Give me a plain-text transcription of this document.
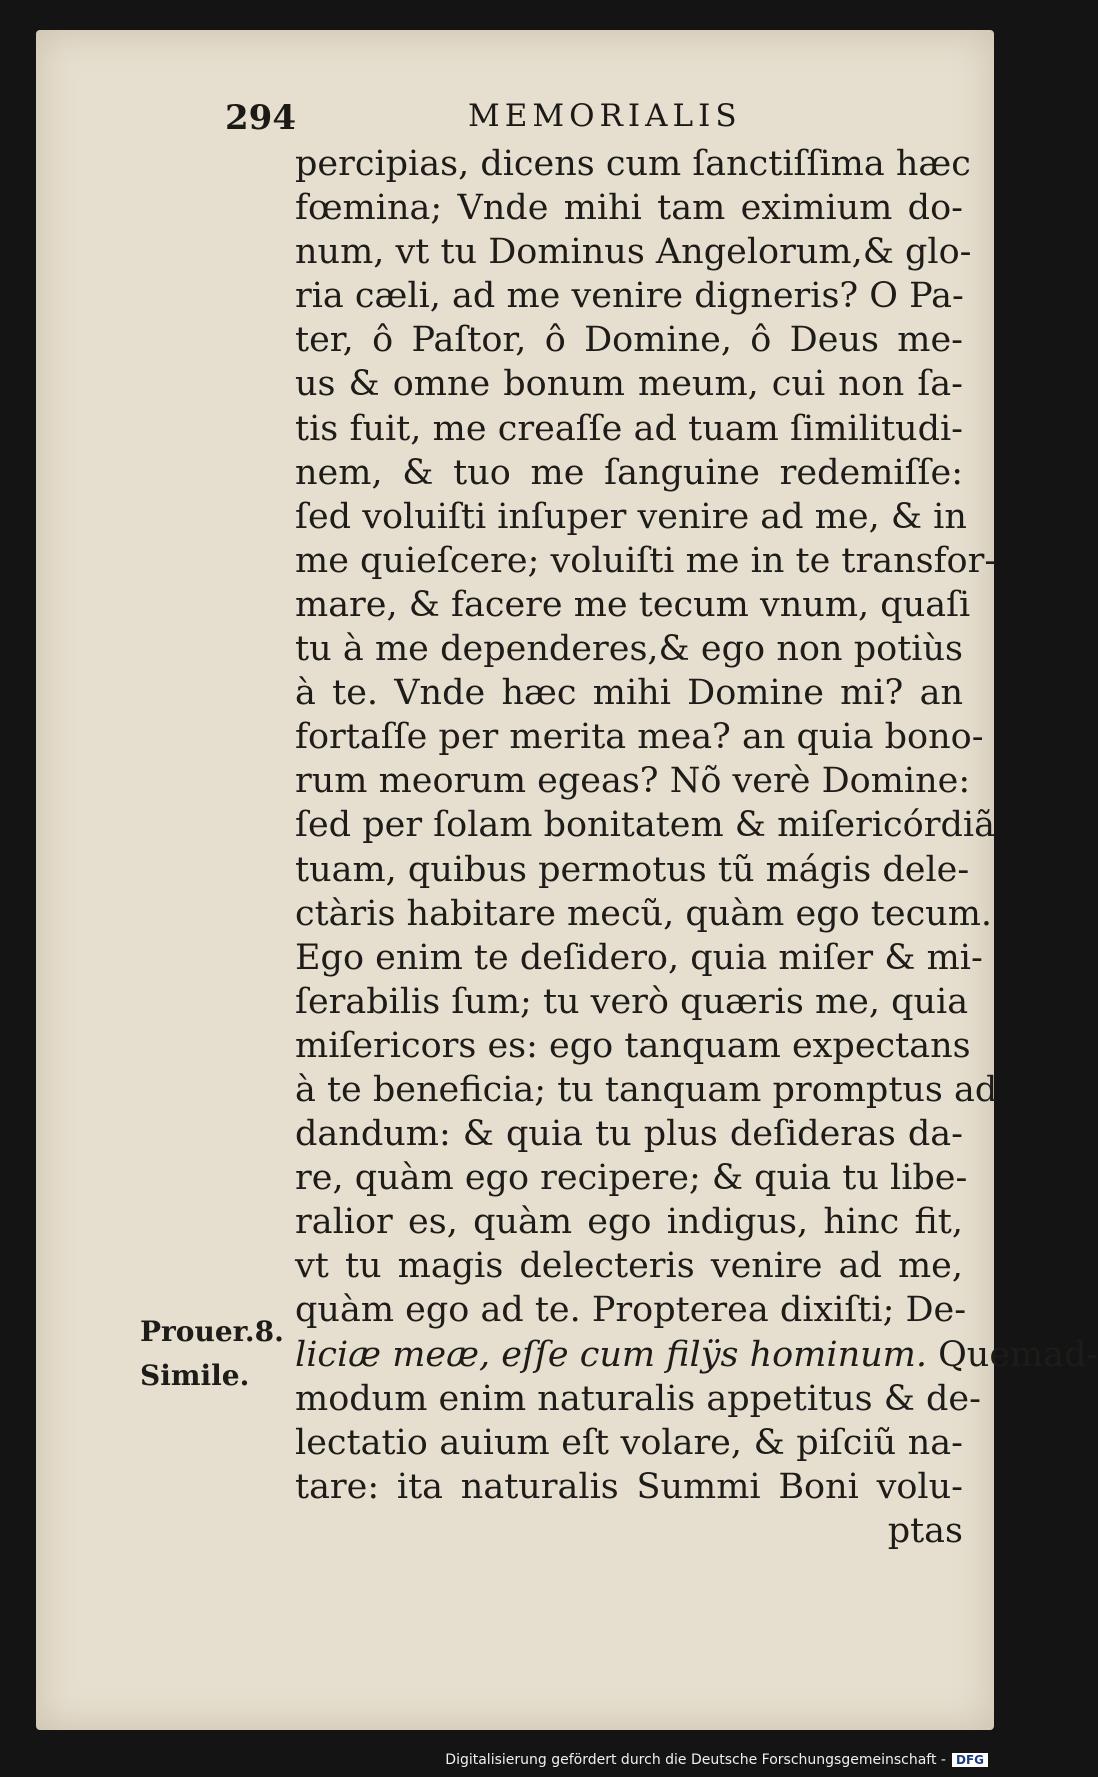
294	MEMORIALIS
percipias, dicens cum ſanctiſſima hæc
fœmina; Vnde mihi tam eximium do-
num, vt tu Dominus Angelorum,& glo-
ria cæli, ad me venire digneris? O Pa-
ter, ô Paſtor, ô Domine, ô Deus me-
us & omne bonum meum, cui non ſa-
tis fuit, me creaſſe ad tuam ſimilitudi-
nem, & tuo me ſanguine redemiſſe:
ſed voluiſti inſuper venire ad me, & in
me quieſcere; voluiſti me in te transfor-
mare, & facere me tecum vnum, quaſi
tu à me dependeres,& ego non potiùs
à te. Vnde hæc mihi Domine mi? an
fortaſſe per merita mea? an quia bono-
rum meorum egeas? Nõ verè Domine:
ſed per ſolam bonitatem & miſericórdiã
tuam, quibus permotus tũ mágis dele-
ctàris habitare mecũ, quàm ego tecum.
Ego enim te deſidero, quia miſer & mi-
ſerabilis ſum; tu verò quæris me, quia
miſericors es: ego tanquam expectans
à te beneficia; tu tanquam promptus ad
dandum: & quia tu plus deſideras da-
re, quàm ego recipere; & quia tu libe-
ralior es, quàm ego indigus, hinc fit,
vt tu magis delecteris venire ad me,
quàm ego ad te. Propterea dixiſti; De-
liciæ meæ, eſſe cum filÿs hominum. Quemad-
modum enim naturalis appetitus & de-
lectatio auium eſt volare, & piſciũ na-
tare: ita naturalis Summi Boni volu-
ptas
Prouer.8.
Simile.
Digitalisierung gefördert durch die Deutsche Forschungsgemeinschaft - DFG
